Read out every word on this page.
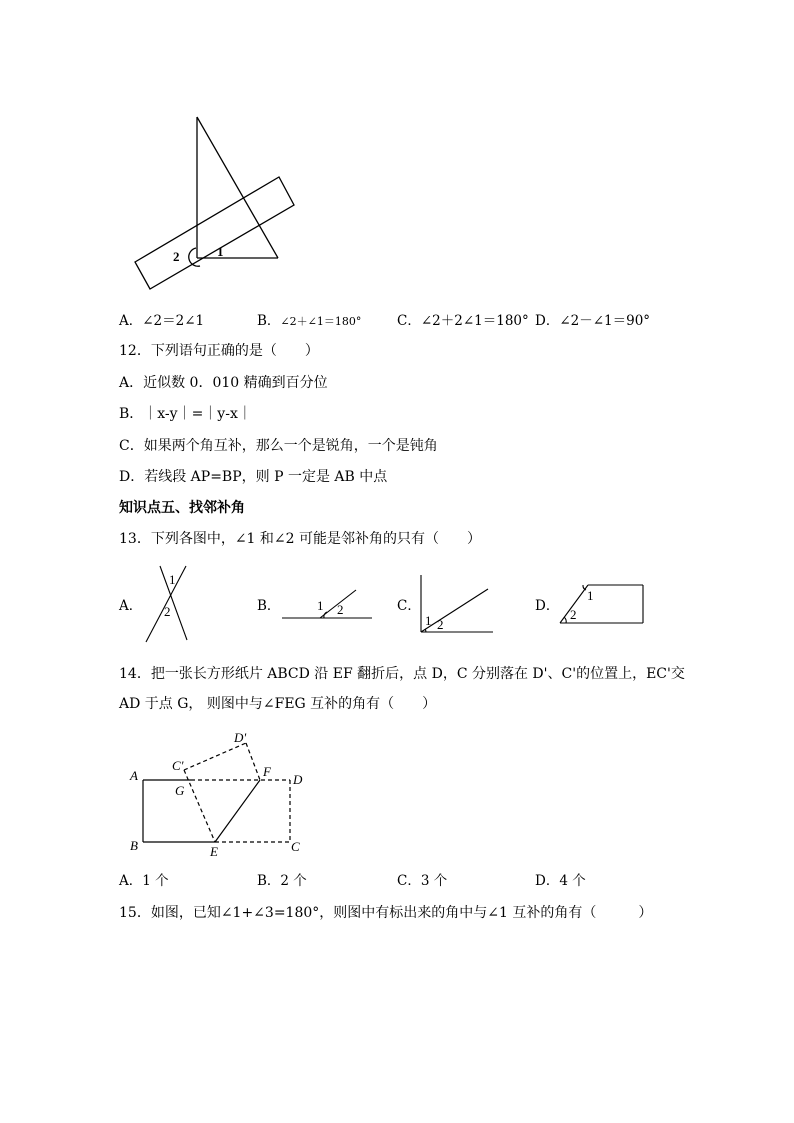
2	1
A．∠2＝2∠1	B．∠2＋∠1＝180°	C．∠2＋2∠1＝180° D．∠2－∠1＝90°
12．下列语句正确的是（　　）
A．近似数 0．010 精确到百分位
B．｜x-y｜=｜y-x｜
C．如果两个角互补，那么一个是锐角，一个是钝角
D．若线段 AP=BP，则 P 一定是 AB 中点
知识点五、找邻补角
13．下列各图中，∠1 和∠2 可能是邻补角的只有（　　）
A．	B．	C．	D．
1
2	1 2
1 2
1
2
14．把一张长方形纸片 ABCD 沿 EF 翻折后，点 D，C 分别落在 D'、C'的位置上，EC'交
AD 于点 G， 则图中与∠FEG 互补的角有（　　）
A
B	C
D
E
F
G
C'
D'
A．1 个	B．2 个	C．3 个	D．4 个
15．如图，已知∠1+∠3=180°，则图中有标出来的角中与∠1 互补的角有（　　　）
